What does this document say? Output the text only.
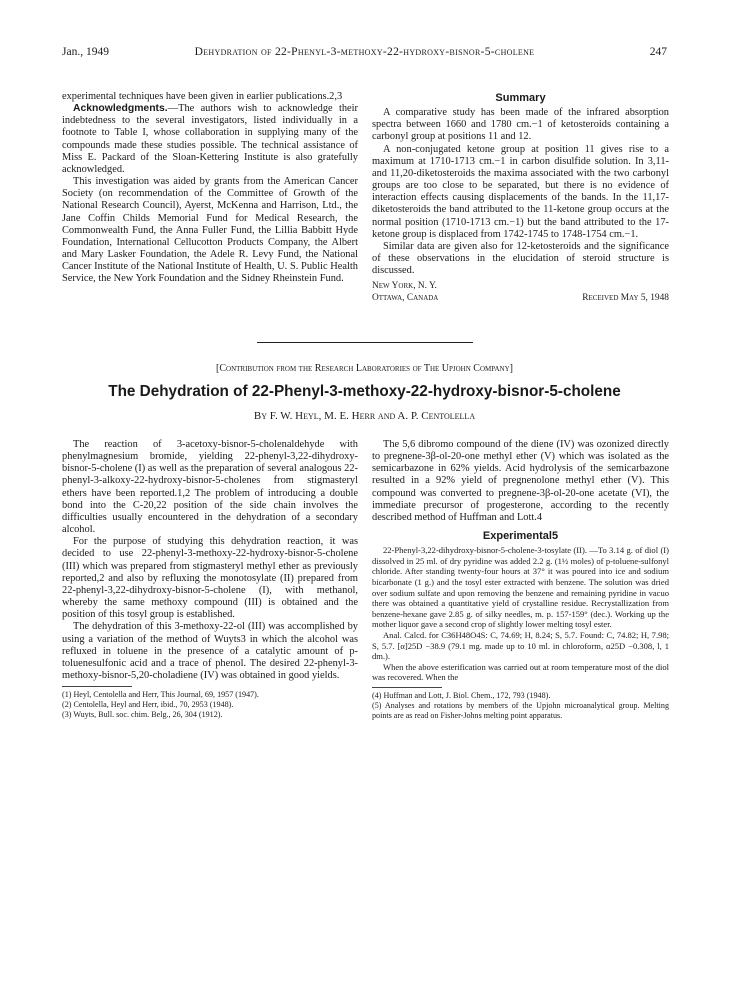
Jan., 1949	Dehydration of 22-Phenyl-3-methoxy-22-hydroxy-bisnor-5-cholene	247

experimental techniques have been given in earlier publications.2,3

Acknowledgments.—The authors wish to acknowledge their indebtedness to the several investigators, listed individually in a footnote to Table I, whose collaboration in supplying many of the compounds made these studies possible. The technical assistance of Miss E. Packard of the Sloan-Kettering Institute is also gratefully acknowledged.

This investigation was aided by grants from the American Cancer Society (on recommendation of the Committee of Growth of the National Research Council), Ayerst, McKenna and Harrison, Ltd., the Jane Coffin Childs Memorial Fund for Medical Research, the Commonwealth Fund, the Anna Fuller Fund, the Lillia Babbitt Hyde Foundation, International Cellucotton Products Company, the Albert and Mary Lasker Foundation, the Adele R. Levy Fund, the National Cancer Institute of the National Institute of Health, U. S. Public Health Service, the New York Foundation and the Sidney Rheinstein Fund.

Summary

A comparative study has been made of the infrared absorption spectra between 1660 and 1780 cm.−1 of ketosteroids containing a carbonyl group at positions 11 and 12.

A non-conjugated ketone group at position 11 gives rise to a maximum at 1710-1713 cm.−1 in carbon disulfide solution. In 3,11- and 11,20-diketosteroids the maxima associated with the two carbonyl groups are too close to be separated, but there is no evidence of interaction effects causing displacements of the bands. In the 11,17-diketosteroids the band attributed to the 11-ketone group occurs at the normal position (1710-1713 cm.−1) but the band attributed to the 17-ketone group is displaced from 1742-1745 to 1748-1754 cm.−1.

Similar data are given also for 12-ketosteroids and the significance of these observations in the elucidation of steroid structure is discussed.

New York, N. Y.
Ottawa, Canada	Received May 5, 1948
[Contribution from the Research Laboratories of The Upjohn Company]
The Dehydration of 22-Phenyl-3-methoxy-22-hydroxy-bisnor-5-cholene
By F. W. Heyl, M. E. Herr and A. P. Centolella

The reaction of 3-acetoxy-bisnor-5-cholenaldehyde with phenylmagnesium bromide, yielding 22-phenyl-3,22-dihydroxy-bisnor-5-cholene (I) as well as the preparation of several analogous 22-phenyl-3-alkoxy-22-hydroxy-bisnor-5-cholenes from stigmasteryl ethers have been reported.1,2 The problem of introducing a double bond into the C-20,22 position of the side chain involves the difficulties usually encountered in the dehydration of a secondary alcohol.

For the purpose of studying this dehydration reaction, it was decided to use 22-phenyl-3-methoxy-22-hydroxy-bisnor-5-cholene (III) which was prepared from stigmasteryl methyl ether as previously reported,2 and also by refluxing the monotosylate (II) prepared from 22-phenyl-3,22-dihydroxy-bisnor-5-cholene (I), with methanol, whereby the same methoxy compound (III) is obtained and the position of this tosyl group is established.

The dehydration of this 3-methoxy-22-ol (III) was accomplished by using a variation of the method of Wuyts3 in which the alcohol was refluxed in toluene in the presence of a catalytic amount of p-toluenesulfonic acid and a trace of phenol. The desired 22-phenyl-3-methoxy-bisnor-5,20-choladiene (IV) was obtained in good yields.

(1) Heyl, Centolella and Herr, This Journal, 69, 1957 (1947).
(2) Centolella, Heyl and Herr, ibid., 70, 2953 (1948).
(3) Wuyts, Bull. soc. chim. Belg., 26, 304 (1912).

The 5,6 dibromo compound of the diene (IV) was ozonized directly to pregnene-3β-ol-20-one methyl ether (V) which was isolated as the semicarbazone in 62% yields. Acid hydrolysis of the semicarbazone resulted in a 92% yield of pregnenolone methyl ether (V). This compound was converted to pregnene-3β-ol-20-one acetate (VI), the immediate precursor of progesterone, according to the recently described method of Huffman and Lott.4

Experimental5

22-Phenyl-3,22-dihydroxy-bisnor-5-cholene-3-tosylate (II). —To 3.14 g. of diol (I) dissolved in 25 ml. of dry pyridine was added 2.2 g. (1½ moles) of p-toluene-sulfonyl chloride. After standing twenty-four hours at 37° it was poured into ice and sodium bicarbonate (1 g.) and the tosyl ester extracted with benzene. The solution was dried over sodium sulfate and upon removing the benzene and remaining pyridine in vacuo there was obtained a quantitative yield of crystalline residue. Recrystallization from benzene-hexane gave 2.85 g. of silky needles, m. p. 157-159° (dec.). Working up the mother liquor gave a second crop of slightly lower melting tosyl ester.

Anal. Calcd. for C36H48O4S: C, 74.69; H, 8.24; S, 5.7. Found: C, 74.82; H, 7.98; S, 5.7. [α]25D −38.9 (79.1 mg. made up to 10 ml. in chloroform, α25D −0.308, l, 1 dm.).

When the above esterification was carried out at room temperature most of the diol was recovered. When the

(4) Huffman and Lott, J. Biol. Chem., 172, 793 (1948).
(5) Analyses and rotations by members of the Upjohn microanalytical group. Melting points are as read on Fisher-Johns melting point apparatus.
